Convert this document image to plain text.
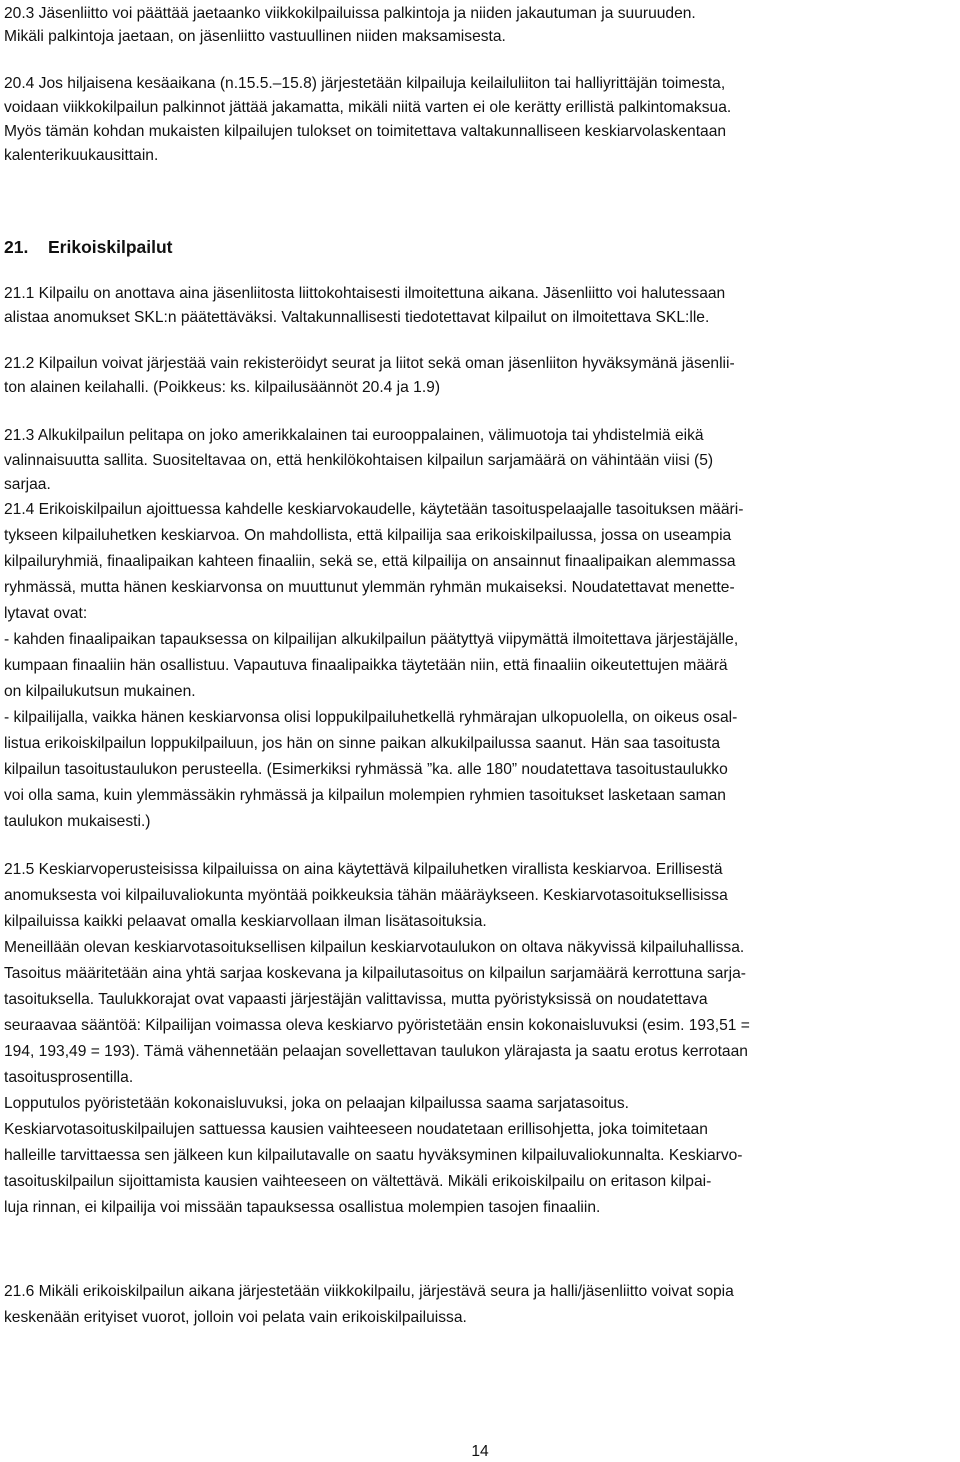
20.3 Jäsenliitto voi päättää jaetaanko viikkokilpailuissa palkintoja ja niiden jakautuman ja suuruuden.

Mikäli palkintoja jaetaan, on jäsenliitto vastuullinen niiden maksamisesta.

20.4 Jos hiljaisena kesäaikana (n.15.5.–15.8) järjestetään kilpailuja keilailuliiton tai halliyrittäjän toimesta,

voidaan viikkokilpailun palkinnot jättää jakamatta, mikäli niitä varten ei ole kerätty erillistä palkintomaksua.

Myös tämän kohdan mukaisten kilpailujen tulokset on toimitettava valtakunnalliseen keskiarvolaskentaan

kalenterikuukausittain.

21. Erikoiskilpailut

21.1 Kilpailu on anottava aina jäsenliitosta liittokohtaisesti ilmoitettuna aikana. Jäsenliitto voi halutessaan

alistaa anomukset SKL:n päätettäväksi. Valtakunnallisesti tiedotettavat kilpailut on ilmoitettava SKL:lle.

21.2 Kilpailun voivat järjestää vain rekisteröidyt seurat ja liitot sekä oman jäsenliiton hyväksymänä jäsenlii-

ton alainen keilahalli. (Poikkeus: ks. kilpailusäännöt 20.4 ja 1.9)

21.3 Alkukilpailun pelitapa on joko amerikkalainen tai eurooppalainen, välimuotoja tai yhdistelmiä eikä

valinnaisuutta sallita. Suositeltavaa on, että henkilökohtaisen kilpailun sarjamäärä on vähintään viisi (5)

sarjaa.

21.4 Erikoiskilpailun ajoittuessa kahdelle keskiarvokaudelle, käytetään tasoituspelaajalle tasoituksen määri-

tykseen kilpailuhetken keskiarvoa. On mahdollista, että kilpailija saa erikoiskilpailussa, jossa on useampia

kilpailuryhmiä, finaalipaikan kahteen finaaliin, sekä se, että kilpailija on ansainnut finaalipaikan alemmassa

ryhmässä, mutta hänen keskiarvonsa on muuttunut ylemmän ryhmän mukaiseksi. Noudatettavat menette-

lytavat ovat:

- kahden finaalipaikan tapauksessa on kilpailijan alkukilpailun päätyttyä viipymättä ilmoitettava järjestäjälle,

kumpaan finaaliin hän osallistuu. Vapautuva finaalipaikka täytetään niin, että finaaliin oikeutettujen määrä

on kilpailukutsun mukainen.

- kilpailijalla, vaikka hänen keskiarvonsa olisi loppukilpailuhetkellä ryhmärajan ulkopuolella, on oikeus osal-

listua erikoiskilpailun loppukilpailuun, jos hän on sinne paikan alkukilpailussa saanut. Hän saa tasoitusta

kilpailun tasoitustaulukon perusteella. (Esimerkiksi ryhmässä ”ka. alle 180” noudatettava tasoitustaulukko

voi olla sama, kuin ylemmässäkin ryhmässä ja kilpailun molempien ryhmien tasoitukset lasketaan saman

taulukon mukaisesti.)

21.5 Keskiarvoperusteisissa kilpailuissa on aina käytettävä kilpailuhetken virallista keskiarvoa. Erillisestä

anomuksesta voi kilpailuvaliokunta myöntää poikkeuksia tähän määräykseen. Keskiarvotasoituksellisissa

kilpailuissa kaikki pelaavat omalla keskiarvollaan ilman lisätasoituksia.

Meneillään olevan keskiarvotasoituksellisen kilpailun keskiarvotaulukon on oltava näkyvissä kilpailuhallissa.

Tasoitus määritetään aina yhtä sarjaa koskevana ja kilpailutasoitus on kilpailun sarjamäärä kerrottuna sarja-

tasoituksella. Taulukkorajat ovat vapaasti järjestäjän valittavissa, mutta pyöristyksissä on noudatettava

seuraavaa sääntöä: Kilpailijan voimassa oleva keskiarvo pyöristetään ensin kokonaisluvuksi (esim. 193,51 =

194, 193,49 = 193). Tämä vähennetään pelaajan sovellettavan taulukon ylärajasta ja saatu erotus kerrotaan

tasoitusprosentilla.

Lopputulos pyöristetään kokonaisluvuksi, joka on pelaajan kilpailussa saama sarjatasoitus.

Keskiarvotasoituskilpailujen sattuessa kausien vaihteeseen noudatetaan erillisohjetta, joka toimitetaan

halleille tarvittaessa sen jälkeen kun kilpailutavalle on saatu hyväksyminen kilpailuvaliokunnalta. Keskiarvo-

tasoituskilpailun sijoittamista kausien vaihteeseen on vältettävä. Mikäli erikoiskilpailu on eritason kilpai-

luja rinnan, ei kilpailija voi missään tapauksessa osallistua molempien tasojen finaaliin.

21.6 Mikäli erikoiskilpailun aikana järjestetään viikkokilpailu, järjestävä seura ja halli/jäsenliitto voivat sopia

keskenään erityiset vuorot, jolloin voi pelata vain erikoiskilpailuissa.

14
